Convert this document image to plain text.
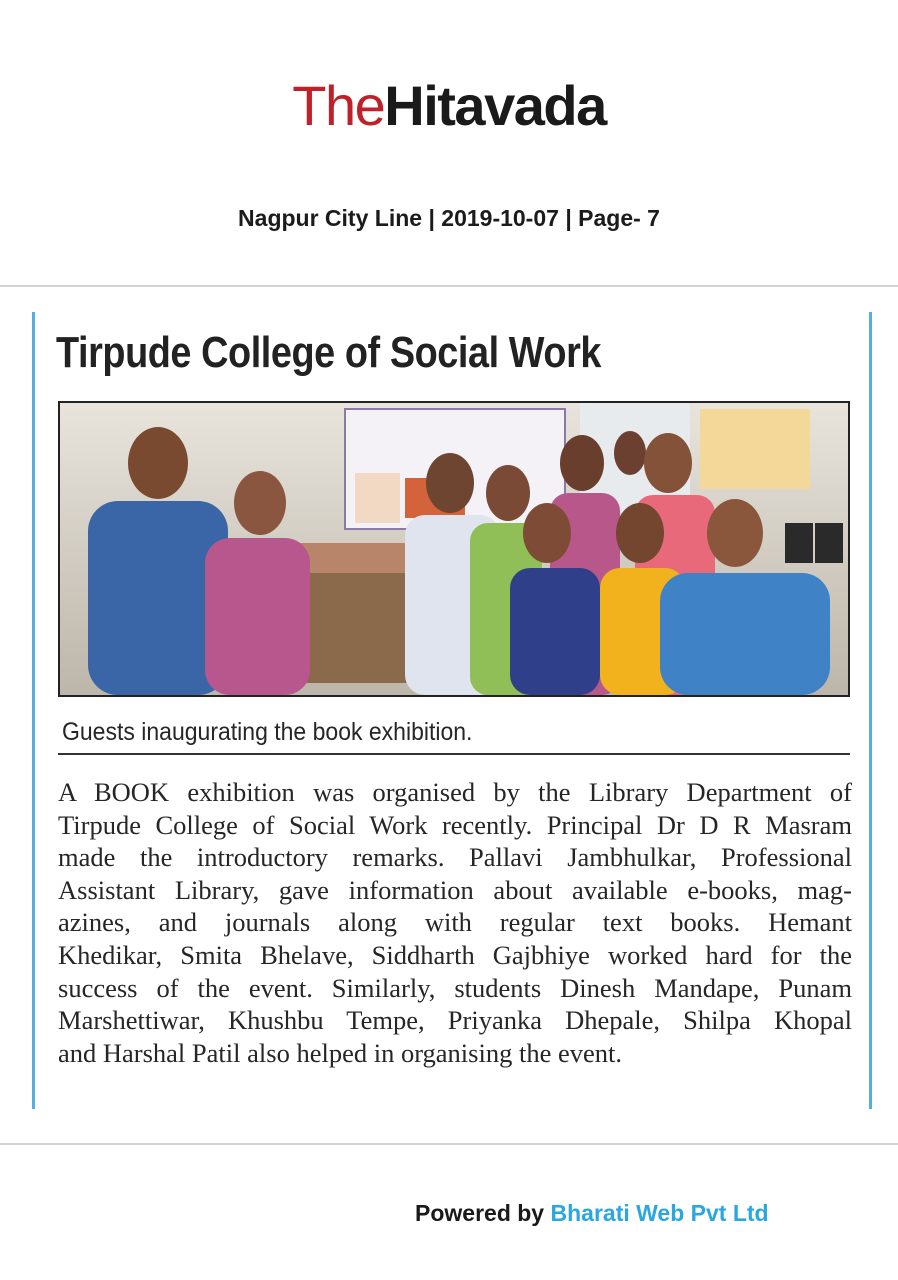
TheHitavada
Nagpur City Line | 2019-10-07 | Page- 7
Tirpude College of Social Work
Guests inaugurating the book exhibition.
A BOOK exhibition was organised by the Library Department of
Tirpude College of Social Work recently. Principal Dr D R Masram
made the introductory remarks. Pallavi Jambhulkar, Professional
Assistant Library, gave information about available e-books, mag-
azines, and journals along with regular text books. Hemant
Khedikar, Smita Bhelave, Siddharth Gajbhiye worked hard for the
success of the event. Similarly, students Dinesh Mandape, Punam
Marshettiwar, Khushbu Tempe, Priyanka Dhepale, Shilpa Khopal
and Harshal Patil also helped in organising the event.
Powered by Bharati Web Pvt Ltd
